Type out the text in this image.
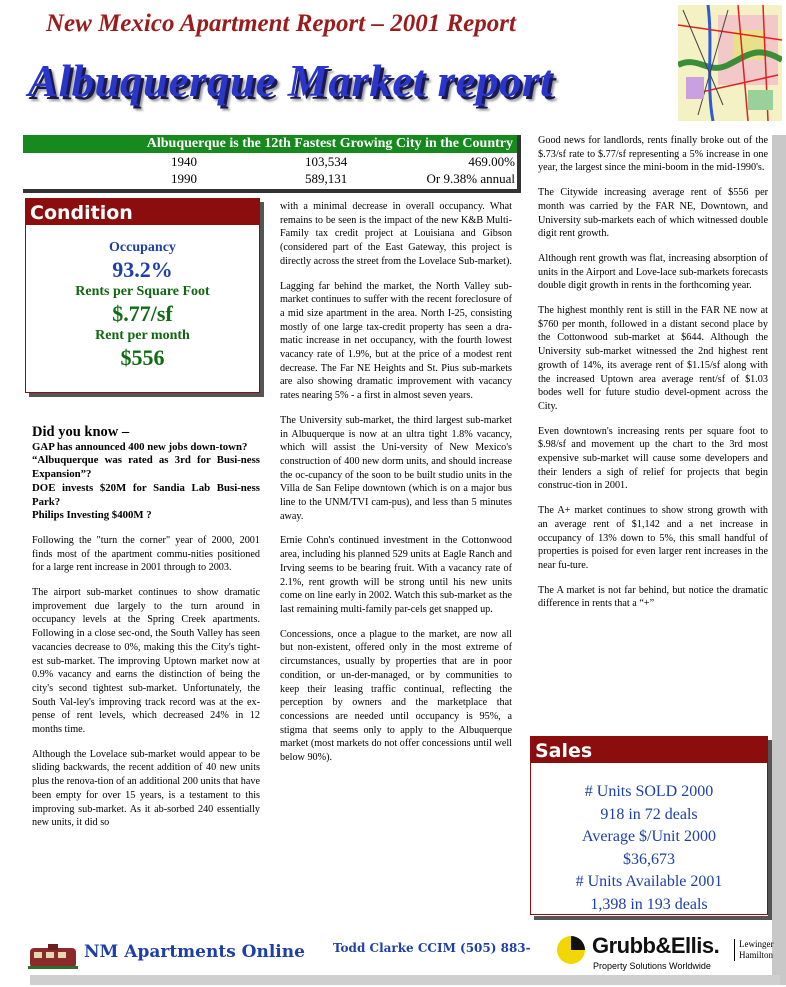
New Mexico Apartment Report – 2001 Report
Albuquerque Market report
Albuquerque is the 12th Fastest Growing City in the Country
1940	103,534	469.00%
1990	589,131	Or 9.38% annual
Condition
Occupancy
93.2%
Rents per Square Foot
$.77/sf
Rent per month
$556
Did you know –
GAP has announced 400 new jobs down-town?
“Albuquerque was rated as 3rd for Busi-ness Expansion”?
DOE invests $20M for Sandia Lab Busi-ness Park?
Philips Investing $400M ?

Following the "turn the corner" year of 2000, 2001 finds most of the apartment commu-nities positioned for a large rent increase in 2001 through to 2003.

The airport sub-market continues to show dramatic improvement due largely to the turn around in occupancy levels at the Spring Creek apartments. Following in a close sec-ond, the South Valley has seen vacancies decrease to 0%, making this the City's tight-est sub-market. The improving Uptown market now at 0.9% vacancy and earns the distinction of being the city's second tightest sub-market. Unfortunately, the South Val-ley's improving track record was at the ex-pense of rent levels, which decreased 24% in 12 months time.

Although the Lovelace sub-market would appear to be sliding backwards, the recent addition of 40 new units plus the renova-tion of an additional 200 units that have been empty for over 15 years, is a testament to this improving sub-market. As it ab-sorbed 240 essentially new units, it did so

with a minimal decrease in overall occupancy. What remains to be seen is the impact of the new K&B Multi-Family tax credit project at Louisiana and Gibson (considered part of the East Gateway, this project is directly across the street from the Lovelace Sub-market).

Lagging far behind the market, the North Valley sub-market continues to suffer with the recent foreclosure of a mid size apartment in the area. North I-25, consisting mostly of one large tax-credit property has seen a dra-matic increase in net occupancy, with the fourth lowest vacancy rate of 1.9%, but at the price of a modest rent decrease. The Far NE Heights and St. Pius sub-markets are also showing dramatic improvement with vacancy rates nearing 5% - a first in almost seven years.

The University sub-market, the third largest sub-market in Albuquerque is now at an ultra tight 1.8% vacancy, which will assist the Uni-versity of New Mexico's construction of 400 new dorm units, and should increase the oc-cupancy of the soon to be built studio units in the Villa de San Felipe downtown (which is on a major bus line to the UNM/TVI cam-pus), and less than 5 minutes away.

Ernie Cohn's continued investment in the Cottonwood area, including his planned 529 units at Eagle Ranch and Irving seems to be bearing fruit. With a vacancy rate of 2.1%, rent growth will be strong until his new units come on line early in 2002. Watch this sub-market as the last remaining multi-family par-cels get snapped up.

Concessions, once a plague to the market, are now all but non-existent, offered only in the most extreme of circumstances, usually by properties that are in poor condition, or un-der-managed, or by communities to keep their leasing traffic continual, reflecting the perception by owners and the marketplace that concessions are needed until occupancy is 95%, a stigma that seems only to apply to the Albuquerque market (most markets do not offer concessions until well below 90%).

Good news for landlords, rents finally broke out of the $.73/sf rate to $.77/sf representing a 5% increase in one year, the largest since the mini-boom in the mid-1990's.

The Citywide increasing average rent of $556 per month was carried by the FAR NE, Downtown, and University sub-markets each of which witnessed double digit rent growth.

Although rent growth was flat, increasing absorption of units in the Airport and Love-lace sub-markets forecasts double digit growth in rents in the forthcoming year.

The highest monthly rent is still in the FAR NE now at $760 per month, followed in a distant second place by the Cottonwood sub-market at $644. Although the University sub-market witnessed the 2nd highest rent growth of 14%, its average rent of $1.15/sf along with the increased Uptown area average rent/sf of $1.03 bodes well for future studio devel-opment across the City.

Even downtown's increasing rents per square foot to $.98/sf and movement up the chart to the 3rd most expensive sub-market will cause some developers and their lenders a sigh of relief for projects that begin construc-tion in 2001.

The A+ market continues to show strong growth with an average rent of $1,142 and a net increase in occupancy of 13% down to 5%, this small handful of properties is poised for even larger rent increases in the near fu-ture.

The A market is not far behind, but notice the dramatic difference in rents that a “+”

Sales
# Units SOLD 2000
918 in 72 deals
Average $/Unit 2000
$36,673
# Units Available 2001
1,398 in 193 deals
NM Apartments Online Todd Clarke CCIM (505) 883-	Grubb&Ellis.
Property Solutions Worldwide
Lewinger
Hamilton
